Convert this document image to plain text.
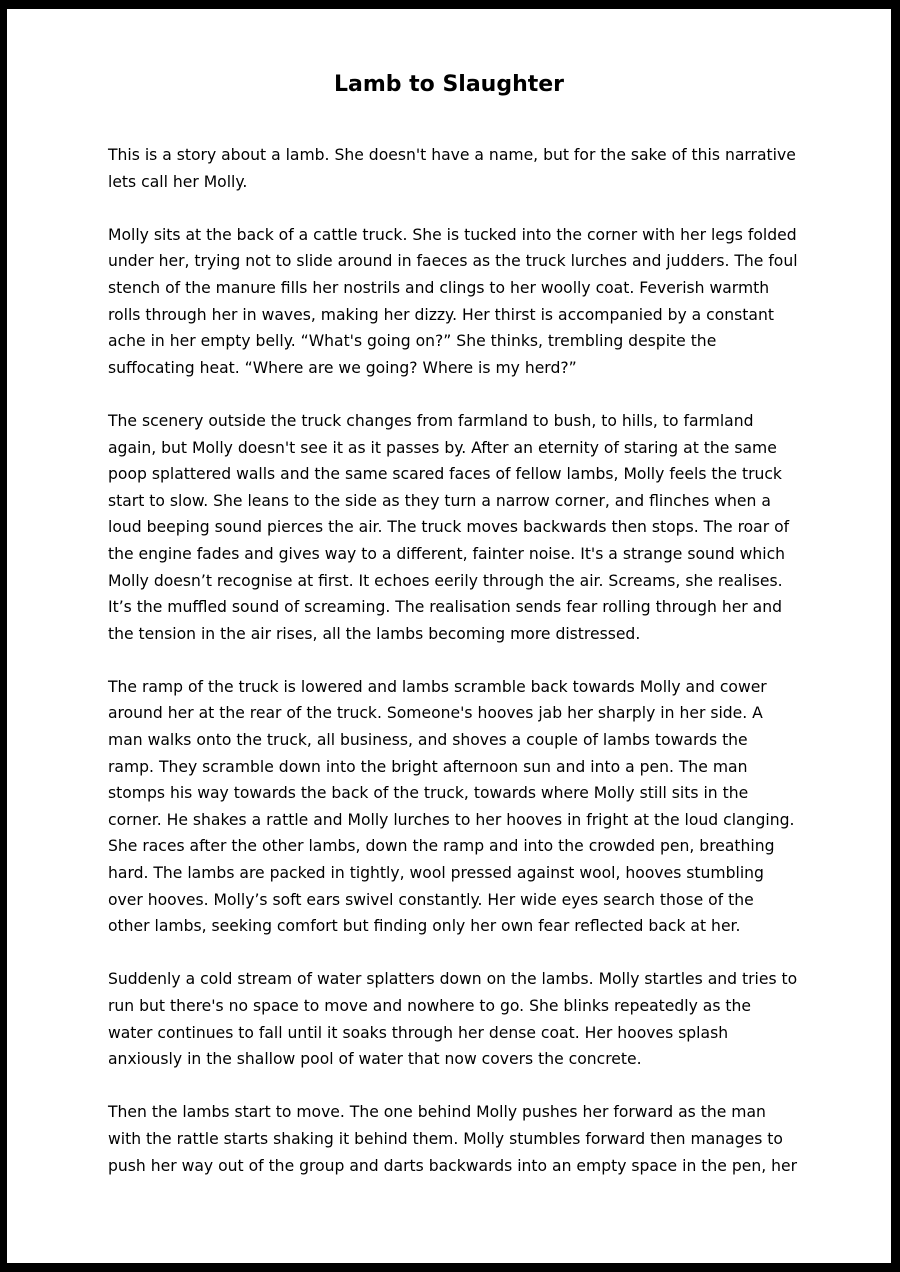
Lamb to Slaughter

This is a story about a lamb. She doesn't have a name, but for the sake of this narrative lets call her Molly.

Molly sits at the back of a cattle truck. She is tucked into the corner with her legs folded under her, trying not to slide around in faeces as the truck lurches and judders. The foul stench of the manure fills her nostrils and clings to her woolly coat. Feverish warmth rolls through her in waves, making her dizzy. Her thirst is accompanied by a constant ache in her empty belly. “What's going on?” She thinks, trembling despite the suffocating heat. “Where are we going? Where is my herd?”

The scenery outside the truck changes from farmland to bush, to hills, to farmland again, but Molly doesn't see it as it passes by. After an eternity of staring at the same poop splattered walls and the same scared faces of fellow lambs, Molly feels the truck start to slow. She leans to the side as they turn a narrow corner, and flinches when a loud beeping sound pierces the air. The truck moves backwards then stops. The roar of the engine fades and gives way to a different, fainter noise. It's a strange sound which Molly doesn’t recognise at first. It echoes eerily through the air. Screams, she realises. It’s the muffled sound of screaming. The realisation sends fear rolling through her and the tension in the air rises, all the lambs becoming more distressed.

The ramp of the truck is lowered and lambs scramble back towards Molly and cower around her at the rear of the truck. Someone's hooves jab her sharply in her side. A man walks onto the truck, all business, and shoves a couple of lambs towards the ramp. They scramble down into the bright afternoon sun and into a pen. The man stomps his way towards the back of the truck, towards where Molly still sits in the corner. He shakes a rattle and Molly lurches to her hooves in fright at the loud clanging. She races after the other lambs, down the ramp and into the crowded pen, breathing hard. The lambs are packed in tightly, wool pressed against wool, hooves stumbling over hooves. Molly’s soft ears swivel constantly. Her wide eyes search those of the other lambs, seeking comfort but finding only her own fear reflected back at her.

Suddenly a cold stream of water splatters down on the lambs. Molly startles and tries to run but there's no space to move and nowhere to go. She blinks repeatedly as the water continues to fall until it soaks through her dense coat. Her hooves splash anxiously in the shallow pool of water that now covers the concrete.

Then the lambs start to move. The one behind Molly pushes her forward as the man with the rattle starts shaking it behind them. Molly stumbles forward then manages to push her way out of the group and darts backwards into an empty space in the pen, her
